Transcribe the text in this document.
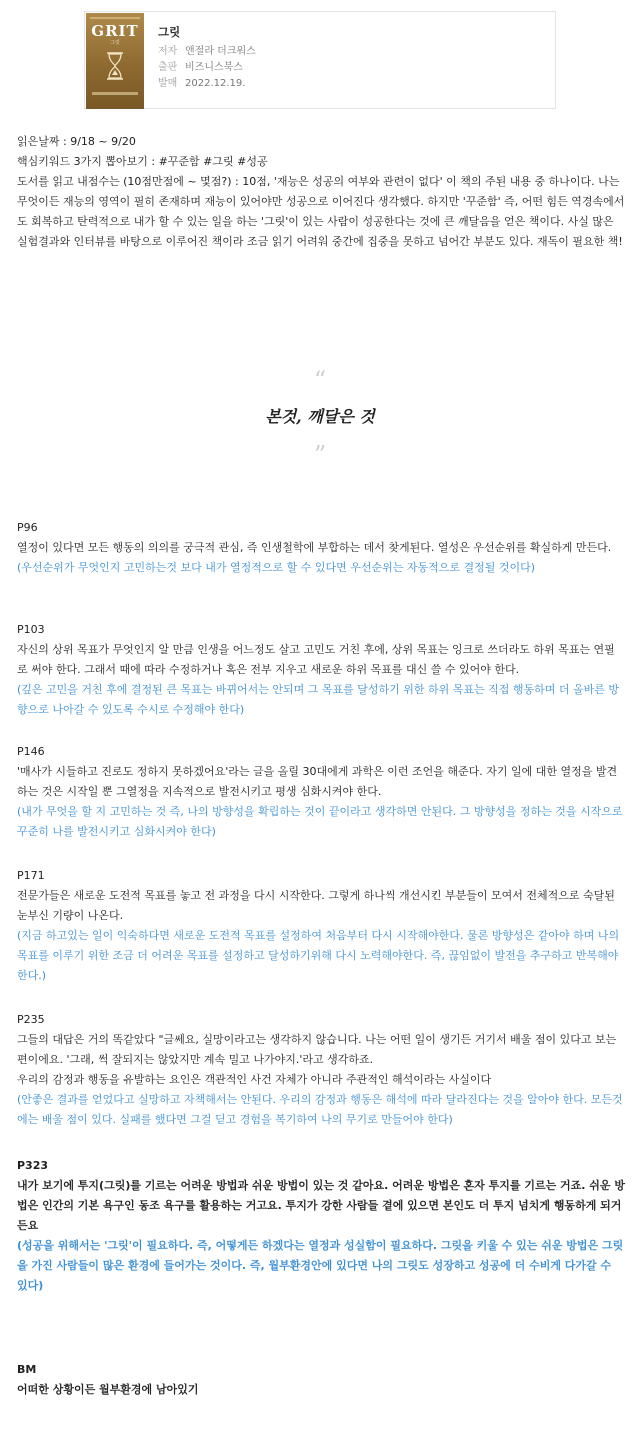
GRIT
그릿
그릿
저자 앤절라 더크워스
출판 비즈니스북스
발매 2022.12.19.

읽은날짜 : 9/18 ~ 9/20

핵심키워드 3가지 뽑아보기 : #꾸준함 #그릿 #성공

도서를 읽고 내점수는 (10점만점에 ~ 몇점?) : 10점, '재능은 성공의 여부와 관련이 없다' 이 책의 주된 내용 중 하나이다. 나는 무엇이든 재능의 영역이 필히 존재하며 재능이 있어야만 성공으로 이어진다 생각했다. 하지만 '꾸준함' 즉, 어떤 힘든 역경속에서도 회복하고 탄력적으로 내가 할 수 있는 일을 하는 '그릿'이 있는 사람이 성공한다는 것에 큰 깨달음을 얻은 책이다. 사실 많은 실험결과와 인터뷰를 바탕으로 이루어진 책이라 조금 읽기 어려워 중간에 집중을 못하고 넘어간 부분도 있다. 재독이 필요한 책!

“
본것, 깨달은 것
”

P96

열정이 있다면 모든 행동의 의의를 궁극적 관심, 즉 인생철학에 부합하는 데서 찾게된다. 열성은 우선순위를 확실하게 만든다.

(우선순위가 무엇인지 고민하는것 보다 내가 열정적으로 할 수 있다면 우선순위는 자동적으로 결정될 것이다)

P103

자신의 상위 목표가 무엇인지 알 만큼 인생을 어느정도 살고 고민도 거친 후에, 상위 목표는 잉크로 쓰더라도 하위 목표는 연필로 써야 한다. 그래서 때에 따라 수정하거나 혹은 전부 지우고 새로운 하위 목표를 대신 쓸 수 있어야 한다.

(깊은 고민을 거친 후에 결정된 큰 목표는 바뀌어서는 안되며 그 목표를 달성하기 위한 하위 목표는 직접 행동하며 더 올바른 방향으로 나아갈 수 있도록 수시로 수정해야 한다)

P146

'매사가 시들하고 진로도 정하지 못하겠어요'라는 글을 올릴 30대에게 과학은 이런 조언을 해준다. 자기 일에 대한 열정을 발견하는 것은 시작일 뿐 그열정을 지속적으로 발전시키고 평생 심화시켜야 한다.

(내가 무엇을 할 지 고민하는 것 즉, 나의 방향성을 확립하는 것이 끝이라고 생각하면 안된다. 그 방향성을 정하는 것을 시작으로 꾸준히 나를 발전시키고 심화시켜야 한다)

P171

전문가들은 새로운 도전적 목표를 놓고 전 과정을 다시 시작한다. 그렇게 하나씩 개선시킨 부분들이 모여서 전체적으로 숙달된 눈부신 기량이 나온다.

(지금 하고있는 일이 익숙하다면 새로운 도전적 목표를 설정하여 처음부터 다시 시작해야한다. 물론 방향성은 같아야 하며 나의 목표를 이루기 위한 조금 더 어려운 목표를 설정하고 달성하기위해 다시 노력해야한다. 즉, 끊임없이 발전을 추구하고 반복해야한다.)

P235

그들의 대답은 거의 똑같았다 "글쎄요, 실망이라고는 생각하지 않습니다. 나는 어떤 일이 생기든 거기서 배울 점이 있다고 보는 편이에요. '그래, 썩 잘되지는 않았지만 계속 밀고 나가야지.'라고 생각하죠.

우리의 감정과 행동을 유발하는 요인은 객관적인 사건 자체가 아니라 주관적인 해석이라는 사실이다

(안좋은 결과를 얻었다고 실망하고 자책해서는 안된다. 우리의 감정과 행동은 해석에 따라 달라진다는 것을 알아야 한다. 모든것에는 배울 점이 있다. 실패를 했다면 그걸 딛고 경험을 복기하여 나의 무기로 만들어야 한다)

P323

내가 보기에 투지(그릿)를 기르는 어려운 방법과 쉬운 방법이 있는 것 같아요. 어려운 방법은 혼자 투지를 기르는 거죠. 쉬운 방법은 인간의 기본 욕구인 동조 욕구를 활용하는 거고요. 투지가 강한 사람들 곁에 있으면 본인도 더 투지 넘치게 행동하게 되거든요

(성공을 위해서는 '그릿'이 필요하다. 즉, 어떻게든 하겠다는 열정과 성실함이 필요하다. 그릿을 키울 수 있는 쉬운 방법은 그릿을 가진 사람들이 많은 환경에 들어가는 것이다. 즉, 월부환경안에 있다면 나의 그릿도 성장하고 성공에 더 수비게 다가갈 수 있다)

BM

어떠한 상황이든 월부환경에 남아있기
